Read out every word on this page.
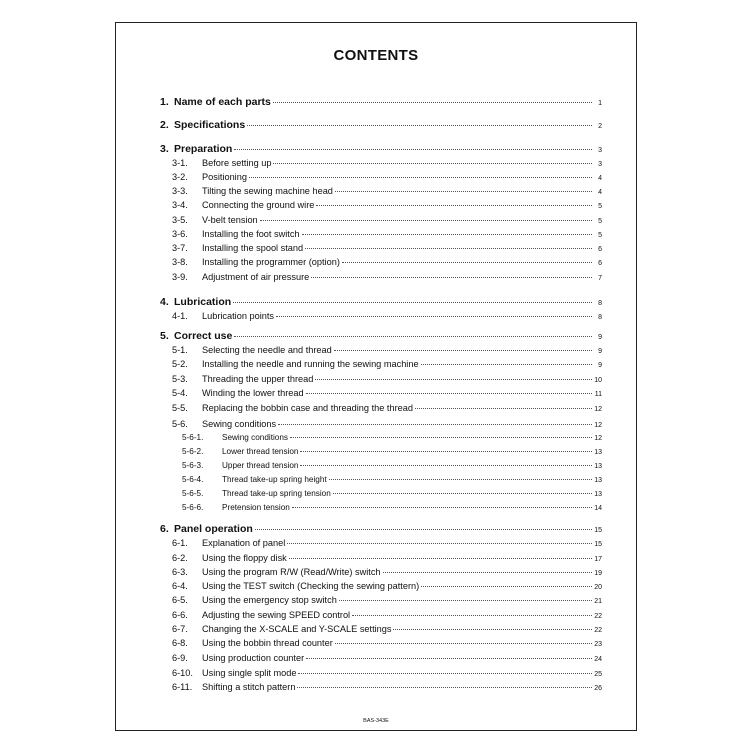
CONTENTS
1. Name of each parts	1
2. Specifications	2
3. Preparation	3
3-1.	Before setting up	3
3-2.	Positioning	4
3-3.	Tilting the sewing machine head	4
3-4.	Connecting the ground wire	5
3-5.	V-belt tension	5
3-6.	Installing the foot switch	5
3-7.	Installing the spool stand	6
3-8.	Installing the programmer (option)	6
3-9.	Adjustment of air pressure	7
4. Lubrication	8
4-1.	Lubrication points	8
5. Correct use	9
5-1.	Selecting the needle and thread	9
5-2.	Installing the needle and running the sewing machine	9
5-3.	Threading the upper thread	10
5-4.	Winding the lower thread	11
5-5.	Replacing the bobbin case and threading the thread	12
5-6.	Sewing conditions	12
5-6-1.	Sewing conditions	12
5-6-2.	Lower thread tension	13
5-6-3.	Upper thread tension	13
5-6-4.	Thread take-up spring height	13
5-6-5.	Thread take-up spring tension	13
5-6-6.	Pretension tension	14
6. Panel operation	15
6-1.	Explanation of panel	15
6-2.	Using the floppy disk	17
6-3.	Using the program R/W (Read/Write) switch	19
6-4.	Using the TEST switch (Checking the sewing pattern)	20
6-5.	Using the emergency stop switch	21
6-6.	Adjusting the sewing SPEED control	22
6-7.	Changing the X-SCALE and Y-SCALE settings	22
6-8.	Using the bobbin thread counter	23
6-9.	Using production counter	24
6-10. Using single split mode	25
6-11.	Shifting a stitch pattern	26
BAS-343E
